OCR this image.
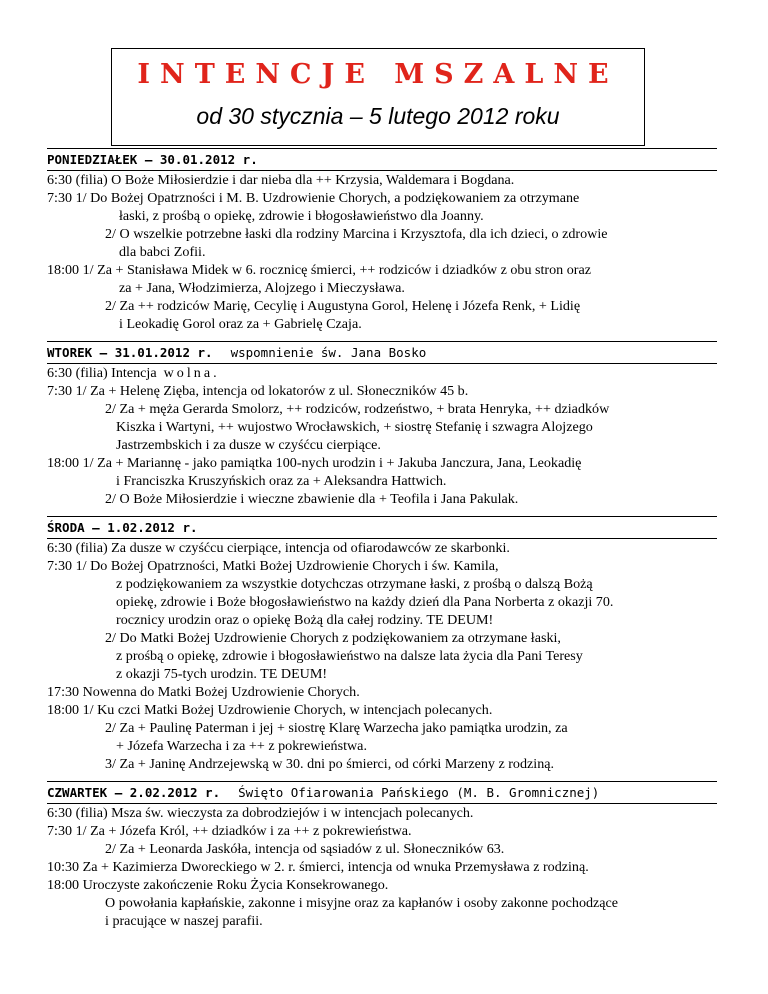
INTENCJE MSZALNE
od 30 stycznia – 5 lutego 2012 roku
PONIEDZIAŁEK – 30.01.2012 r.
6:30 (filia) O Boże Miłosierdzie i dar nieba dla ++ Krzysia, Waldemara i Bogdana.
7:30 1/ Do Bożej Opatrzności i M. B. Uzdrowienie Chorych, a podziękowaniem za otrzymane
łaski, z prośbą o opiekę, zdrowie i błogosławieństwo dla Joanny.
2/ O wszelkie potrzebne łaski dla rodziny Marcina i Krzysztofa, dla ich dzieci, o zdrowie
dla babci Zofii.
18:00 1/ Za + Stanisława Midek w 6. rocznicę śmierci, ++ rodziców i dziadków z obu stron oraz
za + Jana, Włodzimierza, Alojzego i Mieczysława.
2/ Za ++ rodziców Marię, Cecylię i Augustyna Gorol, Helenę i Józefa Renk, + Lidię
i Leokadię Gorol oraz za + Gabrielę Czaja.
WTOREK – 31.01.2012 r. wspomnienie św. Jana Bosko
6:30 (filia) Intencja wolna.
7:30 1/ Za + Helenę Zięba, intencja od lokatorów z ul. Słoneczników 45 b.
2/ Za + męża Gerarda Smolorz, ++ rodziców, rodzeństwo, + brata Henryka, ++ dziadków
Kiszka i Wartyni, ++ wujostwo Wrocławskich, + siostrę Stefanię i szwagra Alojzego
Jastrzembskich i za dusze w czyśćcu cierpiące.
18:00 1/ Za + Mariannę - jako pamiątka 100-nych urodzin i + Jakuba Janczura, Jana, Leokadię
i Franciszka Kruszyńskich oraz za + Aleksandra Hattwich.
2/ O Boże Miłosierdzie i wieczne zbawienie dla + Teofila i Jana Pakulak.
ŚRODA – 1.02.2012 r.
6:30 (filia) Za dusze w czyśćcu cierpiące, intencja od ofiarodawców ze skarbonki.
7:30 1/ Do Bożej Opatrzności, Matki Bożej Uzdrowienie Chorych i św. Kamila,
z podziękowaniem za wszystkie dotychczas otrzymane łaski, z prośbą o dalszą Bożą
opiekę, zdrowie i Boże błogosławieństwo na każdy dzień dla Pana Norberta z okazji 70.
rocznicy urodzin oraz o opiekę Bożą dla całej rodziny. TE DEUM!
2/ Do Matki Bożej Uzdrowienie Chorych z podziękowaniem za otrzymane łaski,
z prośbą o opiekę, zdrowie i błogosławieństwo na dalsze lata życia dla Pani Teresy
z okazji 75-tych urodzin. TE DEUM!
17:30 Nowenna do Matki Bożej Uzdrowienie Chorych.
18:00 1/ Ku czci Matki Bożej Uzdrowienie Chorych, w intencjach polecanych.
2/ Za + Paulinę Paterman i jej + siostrę Klarę Warzecha jako pamiątka urodzin, za
+ Józefa Warzecha i za ++ z pokrewieństwa.
3/ Za + Janinę Andrzejewską w 30. dni po śmierci, od córki Marzeny z rodziną.
CZWARTEK – 2.02.2012 r. Święto Ofiarowania Pańskiego (M. B. Gromnicznej)
6:30 (filia) Msza św. wieczysta za dobrodziejów i w intencjach polecanych.
7:30 1/ Za + Józefa Król, ++ dziadków i za ++ z pokrewieństwa.
2/ Za + Leonarda Jaskóła, intencja od sąsiadów z ul. Słoneczników 63.
10:30 Za + Kazimierza Dworeckiego w 2. r. śmierci, intencja od wnuka Przemysława z rodziną.
18:00 Uroczyste zakończenie Roku Życia Konsekrowanego.
O powołania kapłańskie, zakonne i misyjne oraz za kapłanów i osoby zakonne pochodzące
i pracujące w naszej parafii.
